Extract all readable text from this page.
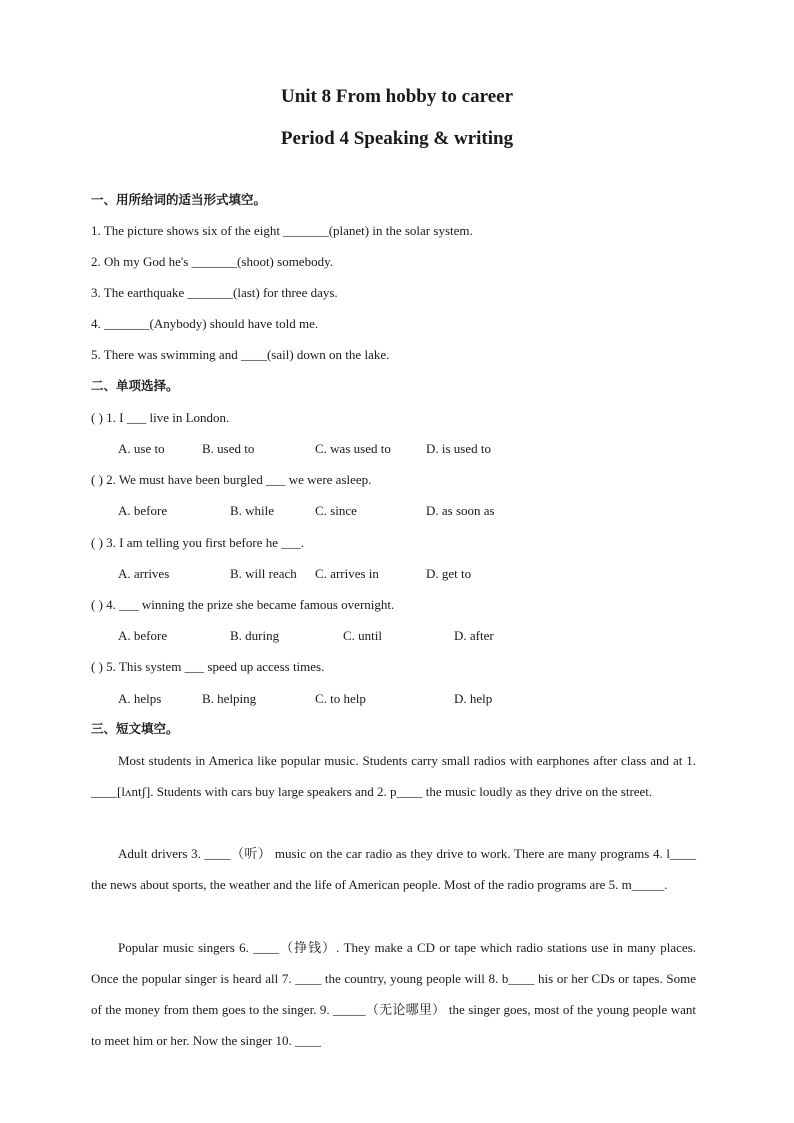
Unit 8 From hobby to career
Period 4 Speaking & writing
一、用所给词的适当形式填空。
1. The picture shows six of the eight _______(planet) in the solar system.
2. Oh my God he's _______(shoot) somebody.
3. The earthquake _______(last) for three days.
4. _______(Anybody) should have told me.
5. There was swimming and ____(sail) down on the lake.
二、单项选择。
( ) 1. I ___ live in London.
A. use to	B. used to	C. was used to	D. is used to
( ) 2. We must have been burgled ___ we were asleep.
A. before	B. while	C. since	D. as soon as
( ) 3. I am telling you first before he ___.
A. arrives	B. will reach C. arrives in	D. get to
( ) 4. ___ winning the prize she became famous overnight.
A. before	B. during	C. until	D. after
( ) 5. This system ___ speed up access times.
A. helps	B. helping	C. to help	D. help
三、短文填空。

Most students in America like popular music. Students carry small radios with earphones after class and at 1. ____[lʌntʃ]. Students with cars buy large speakers and 2. p____ the music loudly as they drive on the street.

Adult drivers 3. ____（听） music on the car radio as they drive to work. There are many programs 4. l____ the news about sports, the weather and the life of American people. Most of the radio programs are 5. m_____.

Popular music singers 6. ____（挣钱）. They make a CD or tape which radio stations use in many places. Once the popular singer is heard all 7. ____ the country, young people will 8. b____ his or her CDs or tapes. Some of the money from them goes to the singer. 9. _____（无论哪里） the singer goes, most of the young people want to meet him or her. Now the singer 10. ____
